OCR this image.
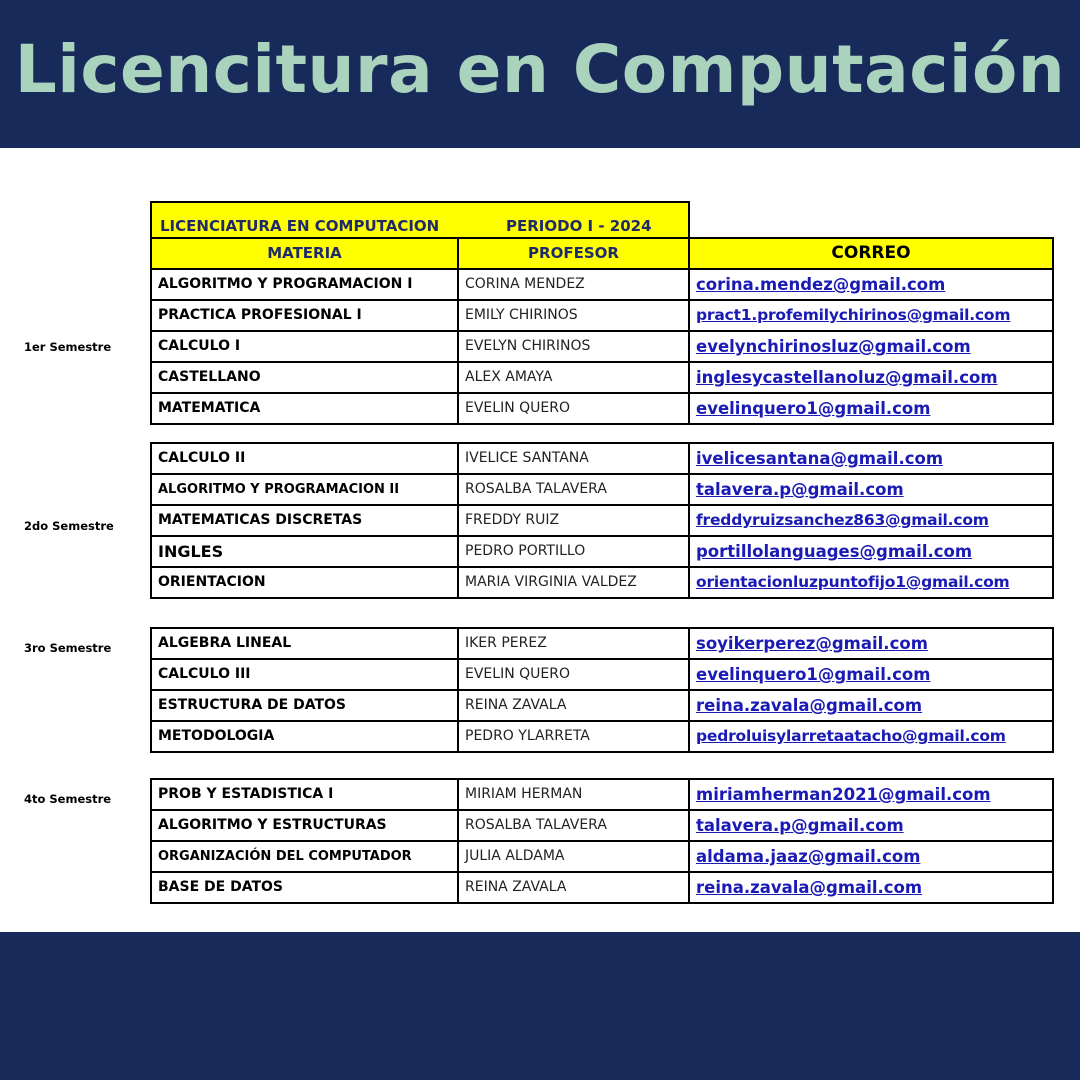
Licencitura en Computación
LICENCIATURA EN COMPUTACION	PERIODO I - 2024
1er Semestre
MATERIA	PROFESOR	CORREO
ALGORITMO Y PROGRAMACION I	CORINA MENDEZ	corina.mendez@gmail.com
PRACTICA PROFESIONAL I	EMILY CHIRINOS	pract1.profemilychirinos@gmail.com
CALCULO I	EVELYN CHIRINOS	evelynchirinosluz@gmail.com
CASTELLANO	ALEX AMAYA	inglesycastellanoluz@gmail.com
MATEMATICA	EVELIN QUERO	evelinquero1@gmail.com
2do Semestre
CALCULO II	IVELICE SANTANA	ivelicesantana@gmail.com
ALGORITMO Y PROGRAMACION II	ROSALBA TALAVERA	talavera.p@gmail.com
MATEMATICAS DISCRETAS	FREDDY RUIZ	freddyruizsanchez863@gmail.com
INGLES	PEDRO PORTILLO	portillolanguages@gmail.com
ORIENTACION	MARIA VIRGINIA VALDEZ	orientacionluzpuntofijo1@gmail.com
3ro Semestre	ALGEBRA LINEAL	IKER PEREZ	soyikerperez@gmail.com
CALCULO III	EVELIN QUERO	evelinquero1@gmail.com
ESTRUCTURA DE DATOS	REINA ZAVALA	reina.zavala@gmail.com
METODOLOGIA	PEDRO YLARRETA	pedroluisylarretaatacho@gmail.com
4to Semestre	PROB Y ESTADISTICA I	MIRIAM HERMAN	miriamherman2021@gmail.com
ALGORITMO Y ESTRUCTURAS	ROSALBA TALAVERA	talavera.p@gmail.com
ORGANIZACIÓN DEL COMPUTADOR	JULIA ALDAMA	aldama.jaaz@gmail.com
BASE DE DATOS	REINA ZAVALA	reina.zavala@gmail.com
